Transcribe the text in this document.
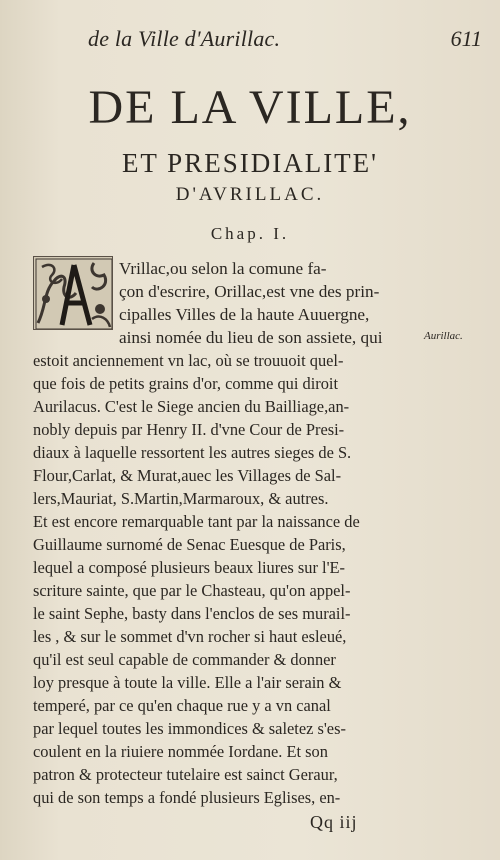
de la Ville d'Aurillac.	611
DE LA VILLE,
ET PRESIDIALITE'
D'AVRILLAC.
Chap. I.
Vrillac,ou selon la comune fa-
çon d'escrire, Orillac,est vne des prin-
cipalles Villes de la haute Auuergne,
ainsi nomée du lieu de son assiete, qui
estoit anciennement vn lac, où se trouuoit quel-
que fois de petits grains d'or, comme qui diroit
Aurilacus. C'est le Siege ancien du Bailliage,an-
nobly depuis par Henry II. d'vne Cour de Presi-
diaux à laquelle ressortent les autres sieges de S.
Flour,Carlat, & Murat,auec les Villages de Sal-
lers,Mauriat, S.Martin,Marmaroux, & autres.
Et est encore remarquable tant par la naissance de
Guillaume surnomé de Senac Euesque de Paris,
lequel a composé plusieurs beaux liures sur l'E-
scriture sainte, que par le Chasteau, qu'on appel-
le saint Sephe, basty dans l'enclos de ses murail-
les , & sur le sommet d'vn rocher si haut esleué,
qu'il est seul capable de commander & donner
loy presque à toute la ville. Elle a l'air serain &
temperé, par ce qu'en chaque rue y a vn canal
par lequel toutes les immondices & saletez s'es-
coulent en la riuiere nommée Iordane. Et son
patron & protecteur tutelaire est sainct Geraur,
qui de son temps a fondé plusieurs Eglises, en-
Aurillac.
Qq iij
